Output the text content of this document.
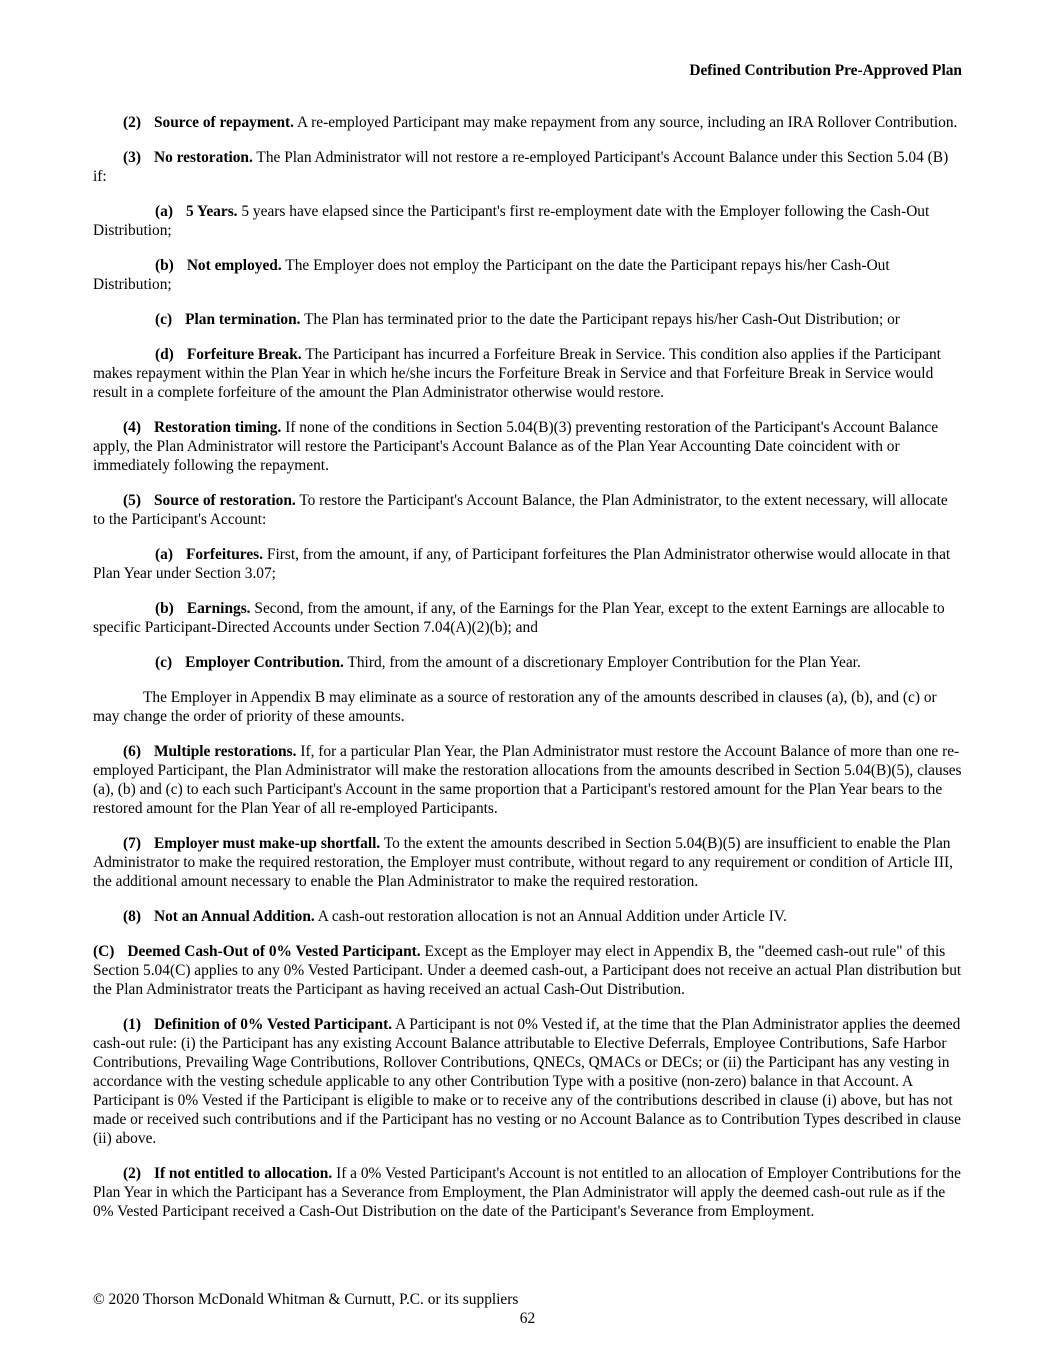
Defined Contribution Pre-Approved Plan

(2) Source of repayment. A re-employed Participant may make repayment from any source, including an IRA Rollover Contribution.

(3) No restoration. The Plan Administrator will not restore a re-employed Participant's Account Balance under this Section 5.04 (B) if:

(a) 5 Years. 5 years have elapsed since the Participant's first re-employment date with the Employer following the Cash-Out Distribution;

(b) Not employed. The Employer does not employ the Participant on the date the Participant repays his/her Cash-Out Distribution;

(c) Plan termination. The Plan has terminated prior to the date the Participant repays his/her Cash-Out Distribution; or

(d) Forfeiture Break. The Participant has incurred a Forfeiture Break in Service. This condition also applies if the Participant makes repayment within the Plan Year in which he/she incurs the Forfeiture Break in Service and that Forfeiture Break in Service would result in a complete forfeiture of the amount the Plan Administrator otherwise would restore.

(4) Restoration timing. If none of the conditions in Section 5.04(B)(3) preventing restoration of the Participant's Account Balance apply, the Plan Administrator will restore the Participant's Account Balance as of the Plan Year Accounting Date coincident with or immediately following the repayment.

(5) Source of restoration. To restore the Participant's Account Balance, the Plan Administrator, to the extent necessary, will allocate to the Participant's Account:

(a) Forfeitures. First, from the amount, if any, of Participant forfeitures the Plan Administrator otherwise would allocate in that Plan Year under Section 3.07;

(b) Earnings. Second, from the amount, if any, of the Earnings for the Plan Year, except to the extent Earnings are allocable to specific Participant-Directed Accounts under Section 7.04(A)(2)(b); and

(c) Employer Contribution. Third, from the amount of a discretionary Employer Contribution for the Plan Year.

The Employer in Appendix B may eliminate as a source of restoration any of the amounts described in clauses (a), (b), and (c) or may change the order of priority of these amounts.

(6) Multiple restorations. If, for a particular Plan Year, the Plan Administrator must restore the Account Balance of more than one re-employed Participant, the Plan Administrator will make the restoration allocations from the amounts described in Section 5.04(B)(5), clauses (a), (b) and (c) to each such Participant's Account in the same proportion that a Participant's restored amount for the Plan Year bears to the restored amount for the Plan Year of all re-employed Participants.

(7) Employer must make-up shortfall. To the extent the amounts described in Section 5.04(B)(5) are insufficient to enable the Plan Administrator to make the required restoration, the Employer must contribute, without regard to any requirement or condition of Article III, the additional amount necessary to enable the Plan Administrator to make the required restoration.

(8) Not an Annual Addition. A cash-out restoration allocation is not an Annual Addition under Article IV.

(C) Deemed Cash-Out of 0% Vested Participant. Except as the Employer may elect in Appendix B, the "deemed cash-out rule" of this Section 5.04(C) applies to any 0% Vested Participant. Under a deemed cash-out, a Participant does not receive an actual Plan distribution but the Plan Administrator treats the Participant as having received an actual Cash-Out Distribution.

(1) Definition of 0% Vested Participant. A Participant is not 0% Vested if, at the time that the Plan Administrator applies the deemed cash-out rule: (i) the Participant has any existing Account Balance attributable to Elective Deferrals, Employee Contributions, Safe Harbor Contributions, Prevailing Wage Contributions, Rollover Contributions, QNECs, QMACs or DECs; or (ii) the Participant has any vesting in accordance with the vesting schedule applicable to any other Contribution Type with a positive (non-zero) balance in that Account. A Participant is 0% Vested if the Participant is eligible to make or to receive any of the contributions described in clause (i) above, but has not made or received such contributions and if the Participant has no vesting or no Account Balance as to Contribution Types described in clause (ii) above.

(2) If not entitled to allocation. If a 0% Vested Participant's Account is not entitled to an allocation of Employer Contributions for the Plan Year in which the Participant has a Severance from Employment, the Plan Administrator will apply the deemed cash-out rule as if the 0% Vested Participant received a Cash-Out Distribution on the date of the Participant's Severance from Employment.

© 2020 Thorson McDonald Whitman & Curnutt, P.C. or its suppliers
62
